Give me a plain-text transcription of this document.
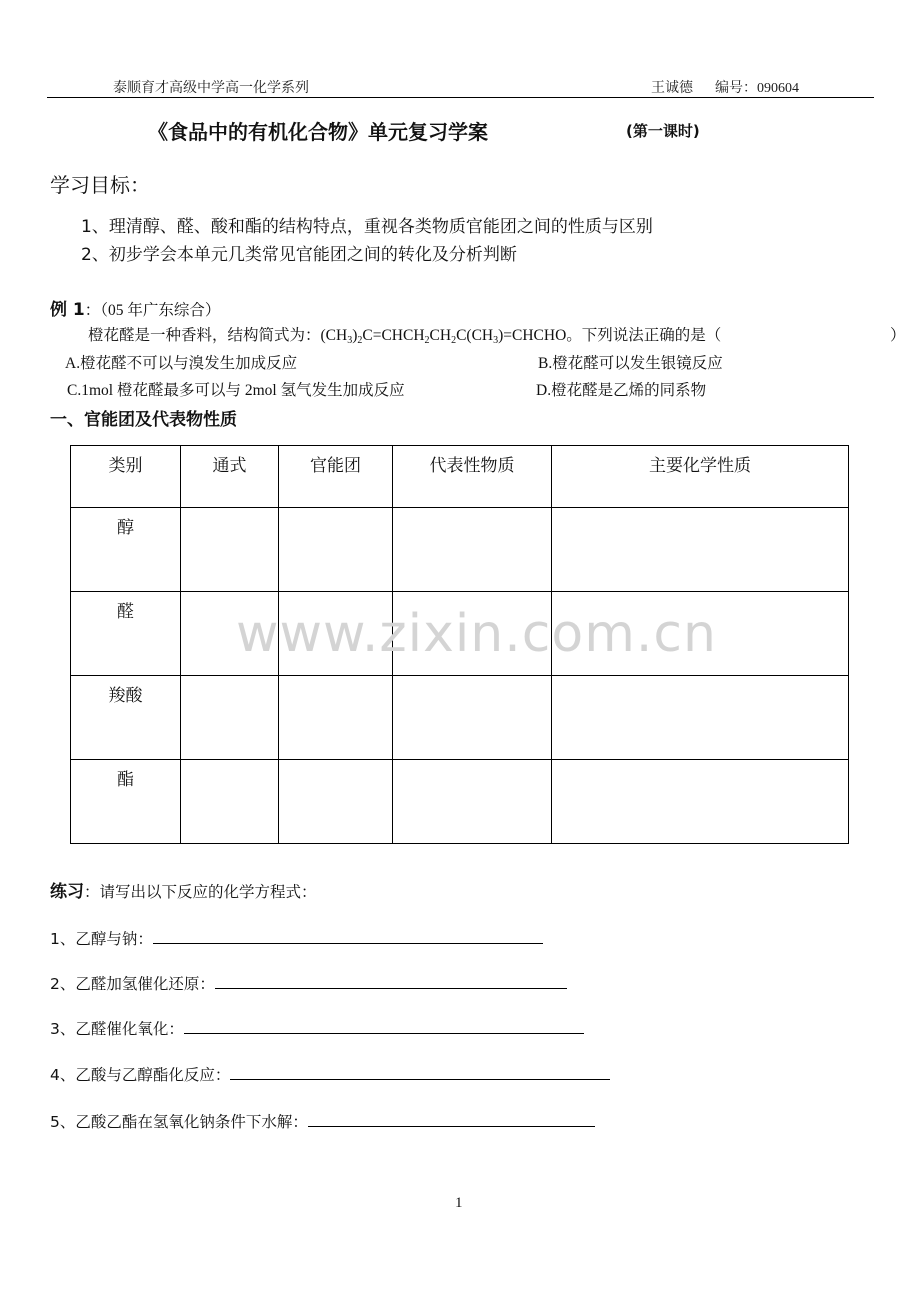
泰顺育才高级中学高一化学系列	王诚德 编号：090604
《食品中的有机化合物》单元复习学案	(第一课时)
学习目标：
1、理清醇、醛、酸和酯的结构特点，重视各类物质官能团之间的性质与区别
2、初步学会本单元几类常见官能团之间的转化及分析判断
例 1：（05 年广东综合）
橙花醛是一种香料，结构简式为：$(CH_3)_2C=CHCH_2CH_2C(CH_3)=CHCHO$。下列说法正确的是（	）
A.橙花醛不可以与溴发生加成反应	B.橙花醛可以发生银镜反应
C.1mol 橙花醛最多可以与 2mol 氢气发生加成反应	D.橙花醛是乙烯的同系物
一、官能团及代表物性质
类别	通式	官能团	代表性物质	主要化学性质
醇				
醛				
羧酸				
酯				
www.zixin.com.cn
练习：请写出以下反应的化学方程式：
1、乙醇与钠：
2、乙醛加氢催化还原：
3、乙醛催化氧化：
4、乙酸与乙醇酯化反应：
5、乙酸乙酯在氢氧化钠条件下水解：
1
